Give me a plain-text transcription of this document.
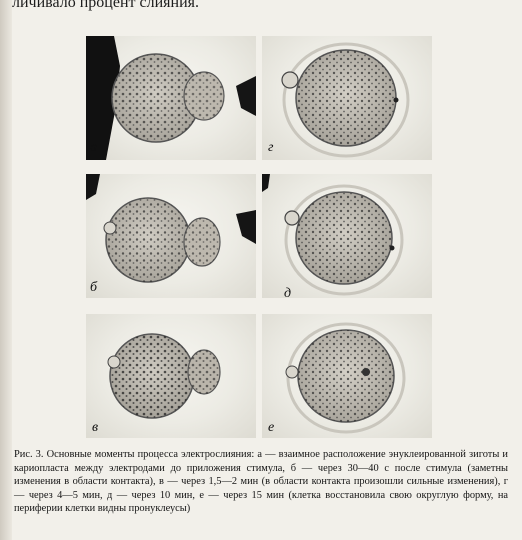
личивало процент слияния.
а	г
б	д
в	е
Рис. 3. Основные моменты процесса электрослияния: а — взаимное расположение энуклеированной зиготы и кариопласта между электродами до приложения стимула, б — через 30—40 с после стимула (заметны изменения в области контакта), в — через 1,5—2 мин (в области контакта произошли сильные изменения), г — через 4—5 мин, д — через 10 мин, е — через 15 мин (клетка восстановила свою округлую форму, на периферии клетки видны пронуклеусы)
